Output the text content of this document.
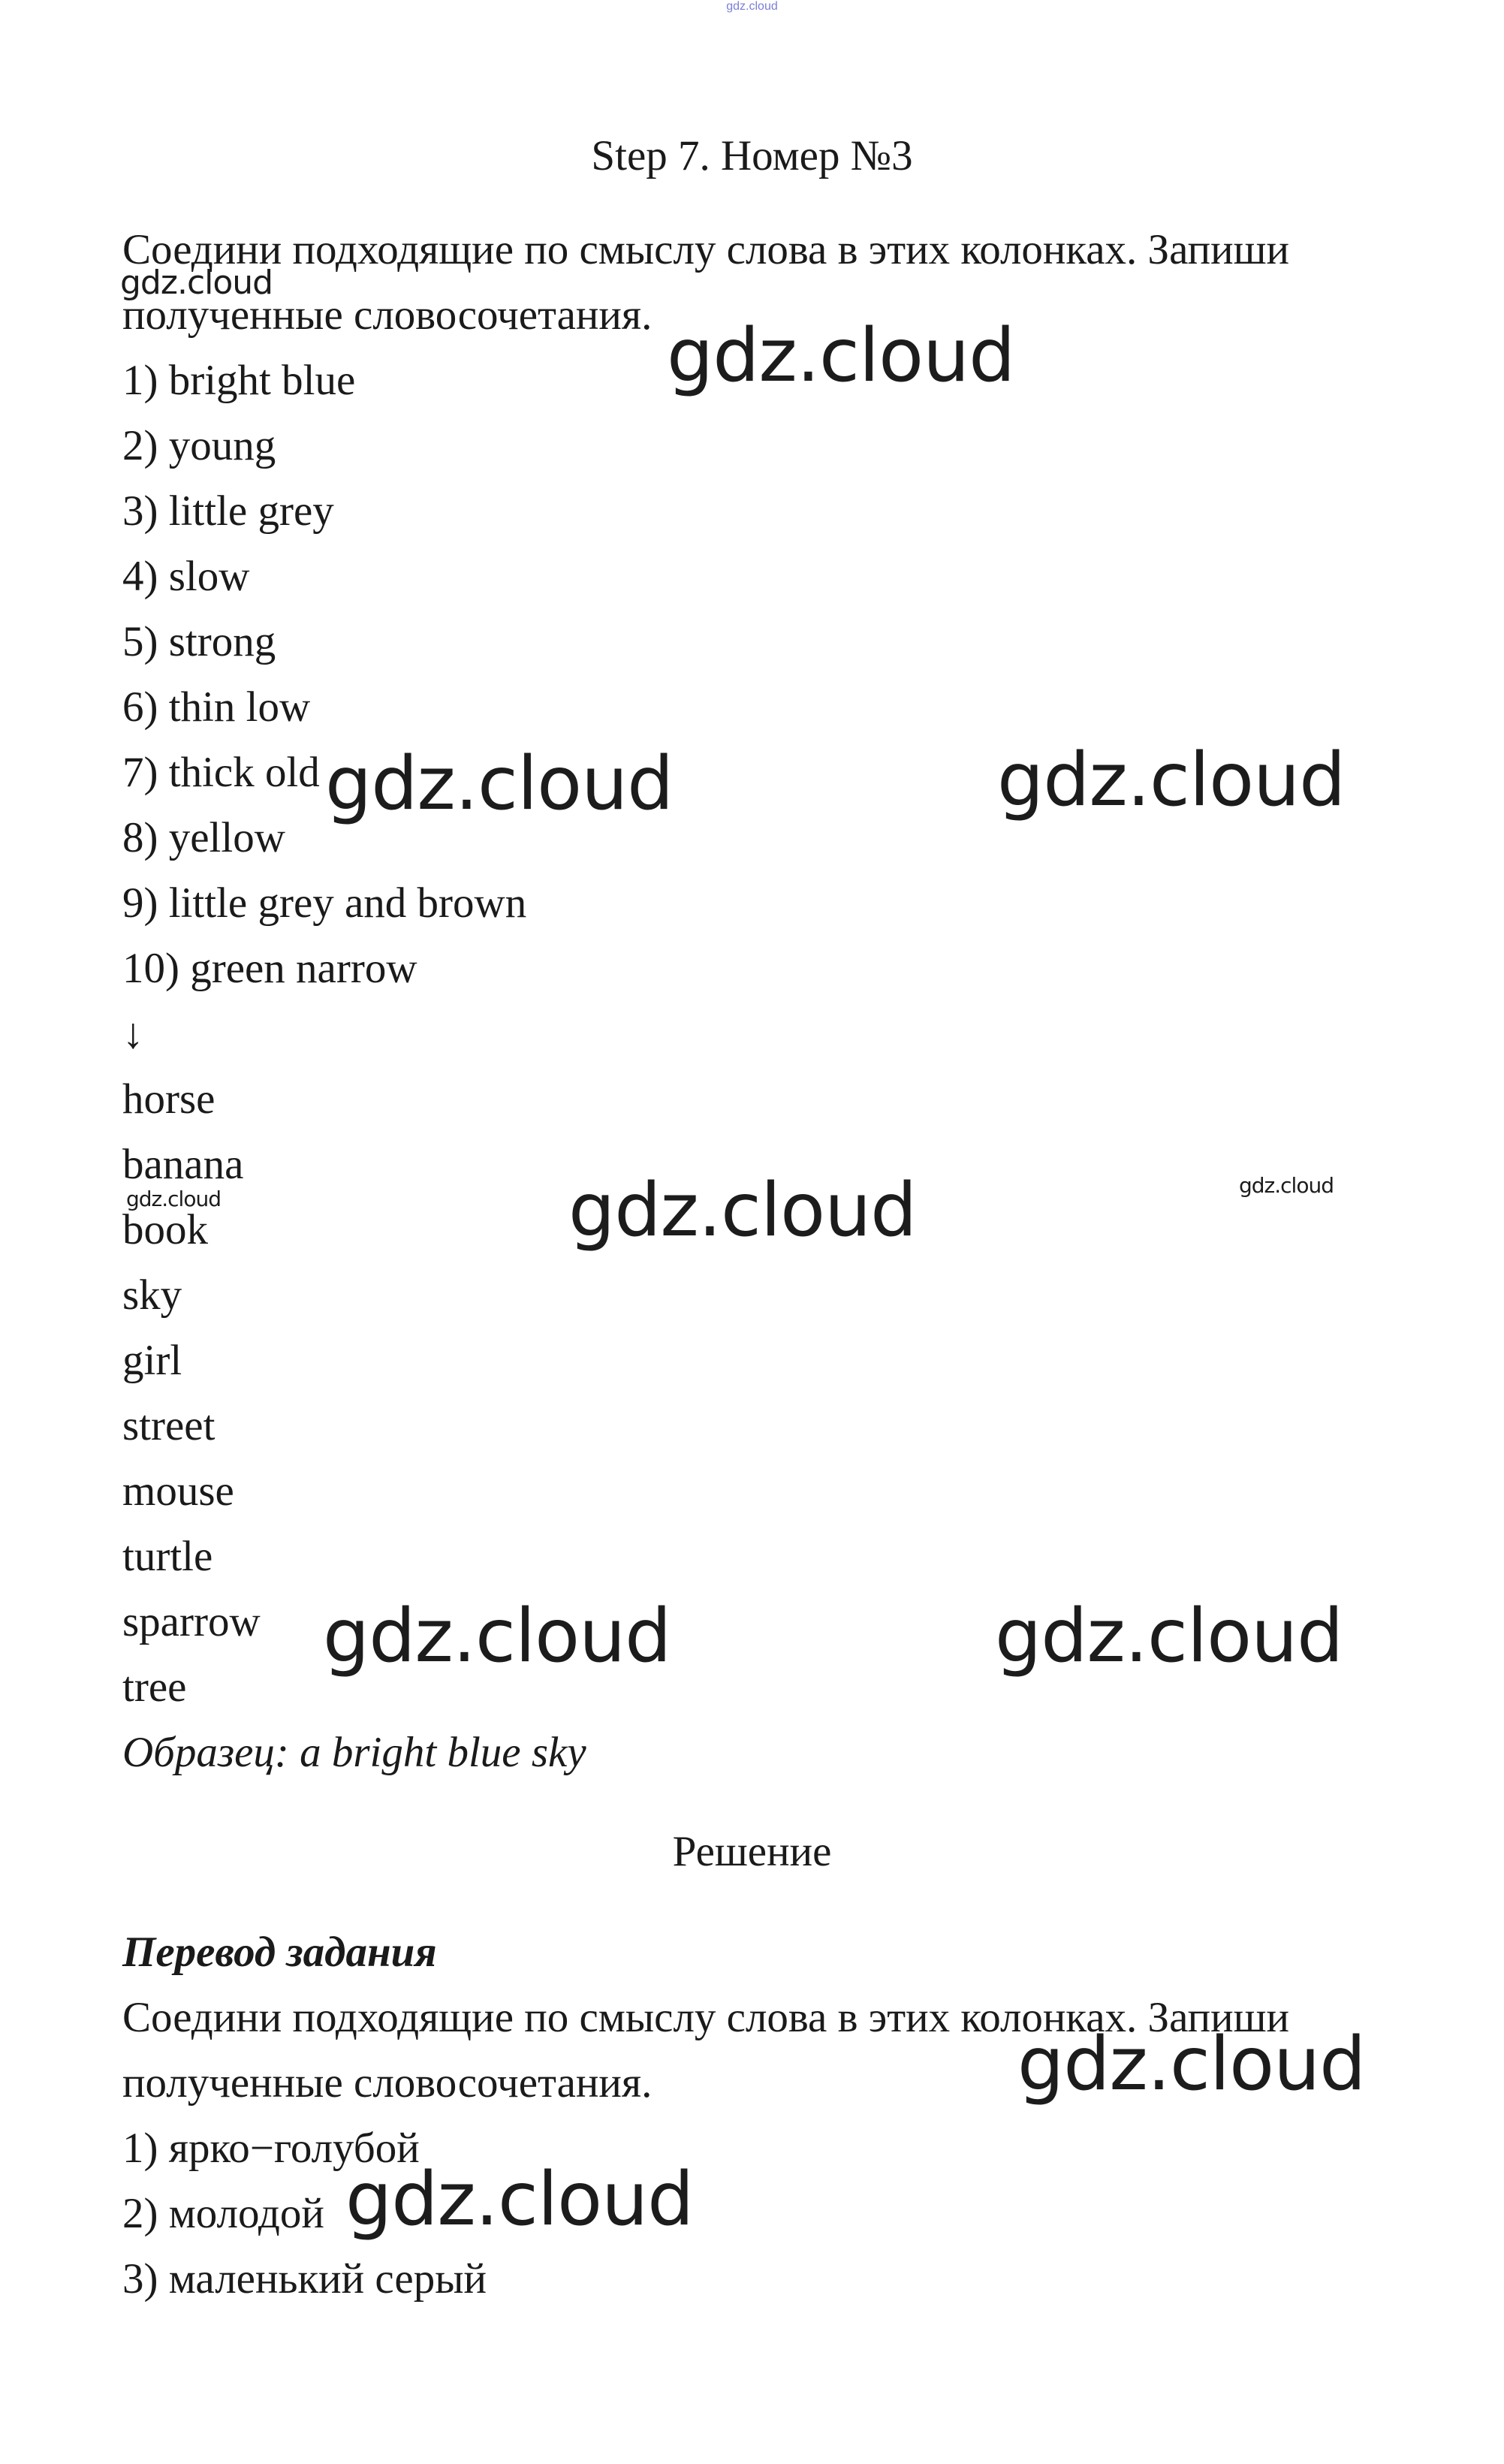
gdz.cloud
Step 7. Номер №3
Соедини подходящие по смыслу слова в этих колонках. Запиши
полученные словосочетания.
1) bright blue
2) young
3) little grey
4) slow
5) strong
6) thin low
7) thick old
8) yellow
9) little grey and brown
10) green narrow
↓
horse
banana
book
sky
girl
street
mouse
turtle
sparrow
tree
Образец: a bright blue sky
Решение
Перевод задания
Соедини подходящие по смыслу слова в этих колонках. Запиши
полученные словосочетания.
1) ярко−голубой
2) молодой
3) маленький серый
gdz.cloud
gdz.cloud
gdz.cloud	gdz.cloud
gdz.cloud	gdz.cloud	gdz.cloud
gdz.cloud	gdz.cloud
gdz.cloud
gdz.cloud
